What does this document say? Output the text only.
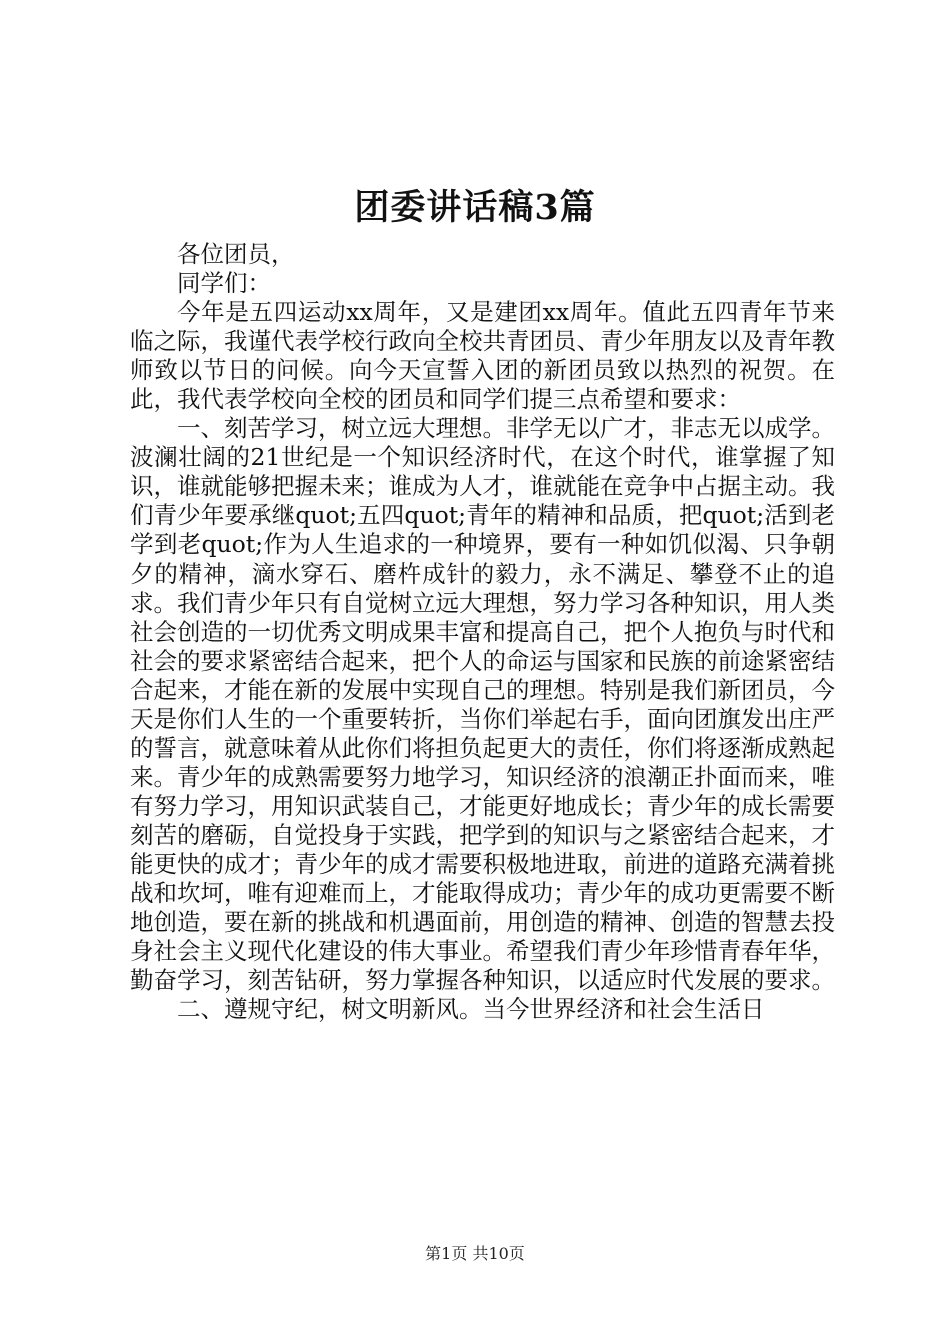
团委讲话稿3篇

各位团员，

同学们：

今年是五四运动xx周年，又是建团xx周年。值此五四青年节来临之际，我谨代表学校行政向全校共青团员、青少年朋友以及青年教师致以节日的问候。向今天宣誓入团的新团员致以热烈的祝贺。在此，我代表学校向全校的团员和同学们提三点希望和要求：

一、刻苦学习，树立远大理想。非学无以广才，非志无以成学。波澜壮阔的21世纪是一个知识经济时代，在这个时代，谁掌握了知识，谁就能够把握未来；谁成为人才，谁就能在竞争中占据主动。我们青少年要承继quot;五四quot;青年的精神和品质，把quot;活到老学到老quot;作为人生追求的一种境界，要有一种如饥似渴、只争朝夕的精神，滴水穿石、磨杵成针的毅力，永不满足、攀登不止的追求。我们青少年只有自觉树立远大理想，努力学习各种知识，用人类社会创造的一切优秀文明成果丰富和提高自己，把个人抱负与时代和社会的要求紧密结合起来，把个人的命运与国家和民族的前途紧密结合起来，才能在新的发展中实现自己的理想。特别是我们新团员，今天是你们人生的一个重要转折，当你们举起右手，面向团旗发出庄严的誓言，就意味着从此你们将担负起更大的责任，你们将逐渐成熟起来。青少年的成熟需要努力地学习，知识经济的浪潮正扑面而来，唯有努力学习，用知识武装自己，才能更好地成长；青少年的成长需要刻苦的磨砺，自觉投身于实践，把学到的知识与之紧密结合起来，才能更快的成才；青少年的成才需要积极地进取，前进的道路充满着挑战和坎坷，唯有迎难而上，才能取得成功；青少年的成功更需要不断地创造，要在新的挑战和机遇面前，用创造的精神、创造的智慧去投身社会主义现代化建设的伟大事业。希望我们青少年珍惜青春年华，勤奋学习，刻苦钻研，努力掌握各种知识，以适应时代发展的要求。

二、遵规守纪，树文明新风。当今世界经济和社会生活日

第1页 共10页
